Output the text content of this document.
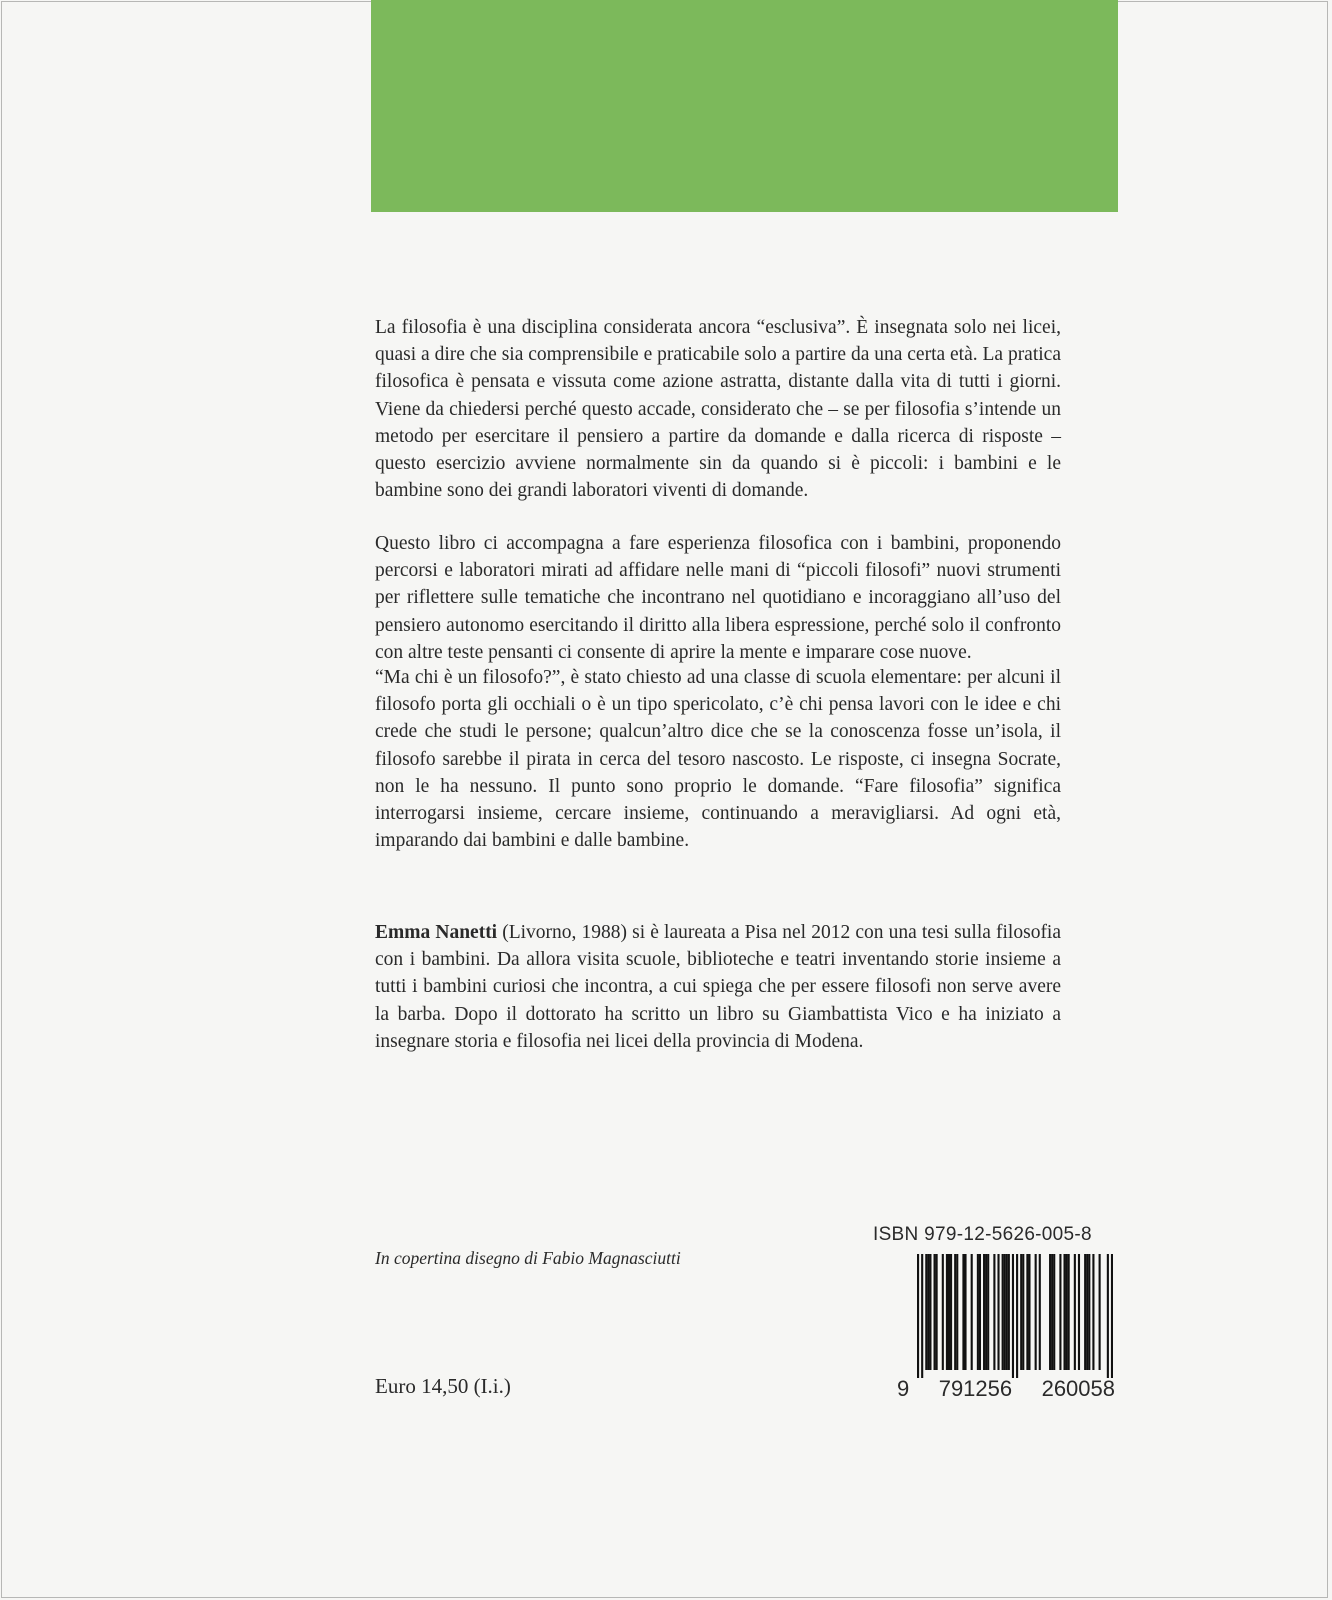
La filosofia è una disciplina considerata ancora “esclusiva”. È insegnata solo nei licei, quasi a dire che sia comprensibile e praticabile solo a partire da una certa età. La pratica filosofica è pensata e vissuta come azione astratta, distante dalla vita di tutti i giorni. Viene da chiedersi perché questo accade, considerato che – se per filosofia s’intende un metodo per esercitare il pensiero a partire da domande e dalla ricerca di risposte – questo esercizio avviene normalmente sin da quando si è piccoli: i bambini e le bambine sono dei grandi laboratori viventi di domande.

Questo libro ci accompagna a fare esperienza filosofica con i bambini, proponendo percorsi e laboratori mirati ad affidare nelle mani di “piccoli filosofi” nuovi strumenti per riflettere sulle tematiche che incontrano nel quotidiano e incoraggiano all’uso del pensiero autonomo esercitando il diritto alla libera espressione, perché solo il confronto con altre teste pensanti ci consente di aprire la mente e imparare cose nuove.

“Ma chi è un filosofo?”, è stato chiesto ad una classe di scuola elementare: per alcuni il filosofo porta gli occhiali o è un tipo spericolato, c’è chi pensa lavori con le idee e chi crede che studi le persone; qualcun’altro dice che se la conoscenza fosse un’isola, il filosofo sarebbe il pirata in cerca del tesoro nascosto. Le risposte, ci insegna Socrate, non le ha nessuno. Il punto sono proprio le domande. “Fare filosofia” significa interrogarsi insieme, cercare insieme, continuando a meravigliarsi. Ad ogni età, imparando dai bambini e dalle bambine.

Emma Nanetti (Livorno, 1988) si è laureata a Pisa nel 2012 con una tesi sulla filosofia con i bambini. Da allora visita scuole, biblioteche e teatri inventando storie insieme a tutti i bambini curiosi che incontra, a cui spiega che per essere filosofi non serve avere la barba. Dopo il dottorato ha scritto un libro su Giambattista Vico e ha iniziato a insegnare storia e filosofia nei licei della provincia di Modena.

In copertina disegno di Fabio Magnasciutti
Euro 14,50 (I.i.)
ISBN 979-12-5626-005-8
9 791256 260058
